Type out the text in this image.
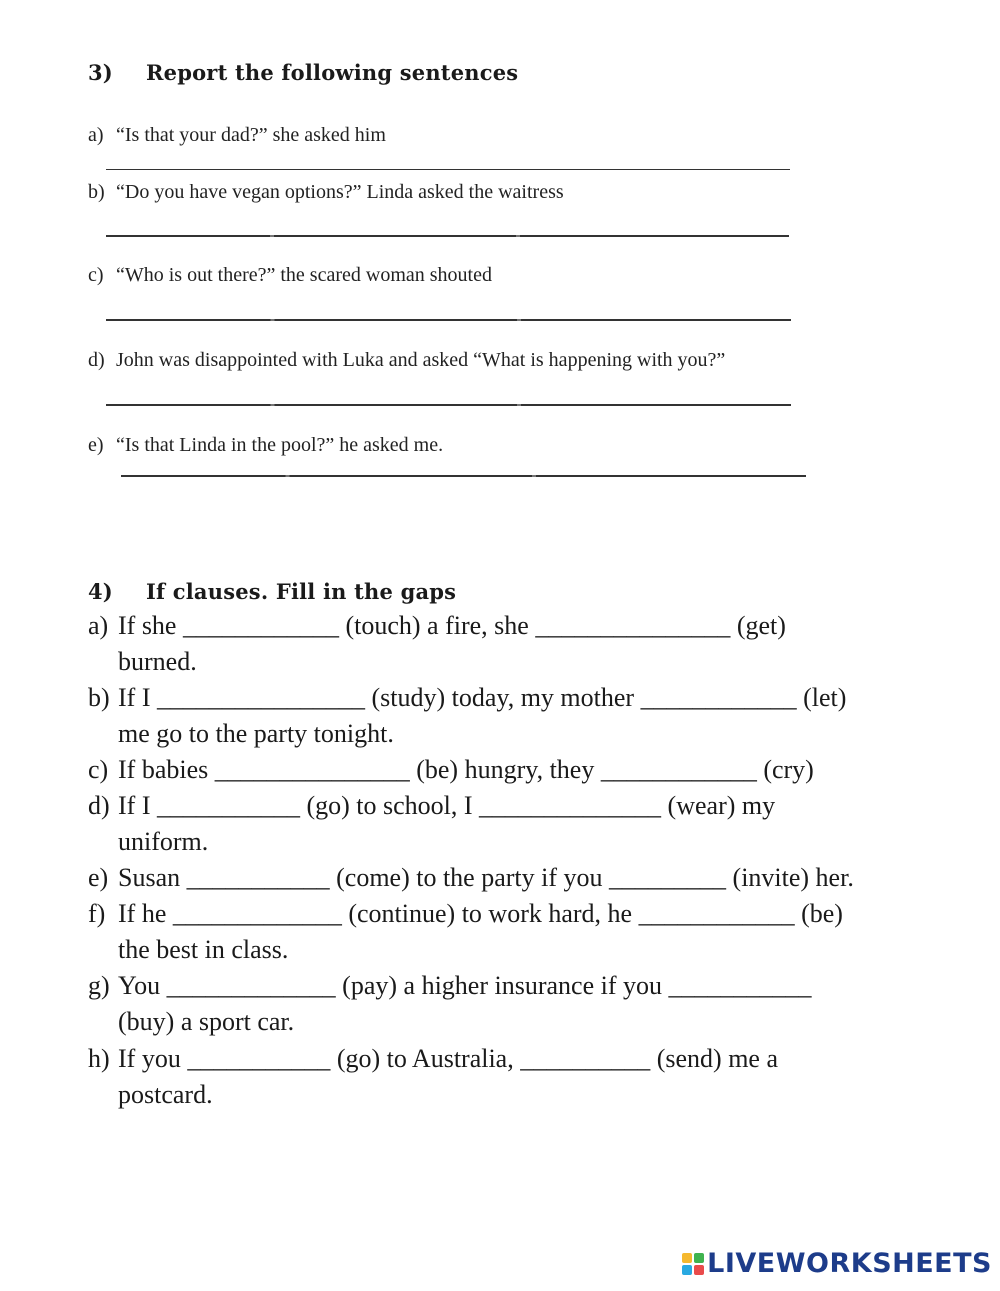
3) Report the following sentences
a) “Is that your dad?” she asked him
b) “Do you have vegan options?” Linda asked the waitress
c) “Who is out there?” the scared woman shouted
d) John was disappointed with Luka and asked “What is happening with you?”
e) “Is that Linda in the pool?” he asked me.
4) If clauses. Fill in the gaps
a) If she ____________ (touch) a fire, she _______________ (get)
burned.
b) If I ________________ (study) today, my mother ____________ (let)
me go to the party tonight.
c) If babies _______________ (be) hungry, they ____________ (cry)
d) If I ___________ (go) to school, I ______________ (wear) my
uniform.
e) Susan ___________ (come) to the party if you _________ (invite) her.
f) If he _____________ (continue) to work hard, he ____________ (be)
the best in class.
g) You _____________ (pay) a higher insurance if you ___________
(buy) a sport car.
h) If you ___________ (go) to Australia, __________ (send) me a
postcard.
LIVEWORKSHEETS
